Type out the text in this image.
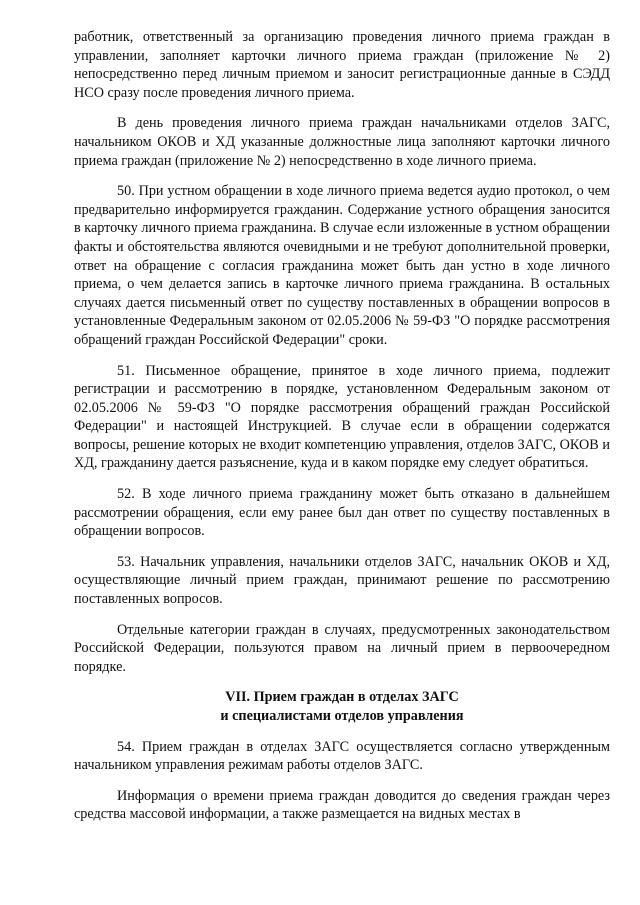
работник, ответственный за организацию проведения личного приема граждан в управлении, заполняет карточки личного приема граждан (приложение № 2) непосредственно перед личным приемом и заносит регистрационные данные в СЭДД НСО сразу после проведения личного приема.

В день проведения личного приема граждан начальниками отделов ЗАГС, начальником ОКОВ и ХД указанные должностные лица заполняют карточки личного приема граждан (приложение № 2) непосредственно в ходе личного приема.

50. При устном обращении в ходе личного приема ведется аудио протокол, о чем предварительно информируется гражданин. Содержание устного обращения заносится в карточку личного приема гражданина. В случае если изложенные в устном обращении факты и обстоятельства являются очевидными и не требуют дополнительной проверки, ответ на обращение с согласия гражданина может быть дан устно в ходе личного приема, о чем делается запись в карточке личного приема гражданина. В остальных случаях дается письменный ответ по существу поставленных в обращении вопросов в установленные Федеральным законом от 02.05.2006 № 59-ФЗ "О порядке рассмотрения обращений граждан Российской Федерации" сроки.

51. Письменное обращение, принятое в ходе личного приема, подлежит регистрации и рассмотрению в порядке, установленном Федеральным законом от 02.05.2006 № 59-ФЗ "О порядке рассмотрения обращений граждан Российской Федерации" и настоящей Инструкцией. В случае если в обращении содержатся вопросы, решение которых не входит компетенцию управления, отделов ЗАГС, ОКОВ и ХД, гражданину дается разъяснение, куда и в каком порядке ему следует обратиться.

52. В ходе личного приема гражданину может быть отказано в дальнейшем рассмотрении обращения, если ему ранее был дан ответ по существу поставленных в обращении вопросов.

53. Начальник управления, начальники отделов ЗАГС, начальник ОКОВ и ХД, осуществляющие личный прием граждан, принимают решение по рассмотрению поставленных вопросов.

Отдельные категории граждан в случаях, предусмотренных законодательством Российской Федерации, пользуются правом на личный прием в первоочередном порядке.

VII. Прием граждан в отделах ЗАГС
и специалистами отделов управления

54. Прием граждан в отделах ЗАГС осуществляется согласно утвержденным начальником управления режимам работы отделов ЗАГС.

Информация о времени приема граждан доводится до сведения граждан через средства массовой информации, а также размещается на видных местах в
